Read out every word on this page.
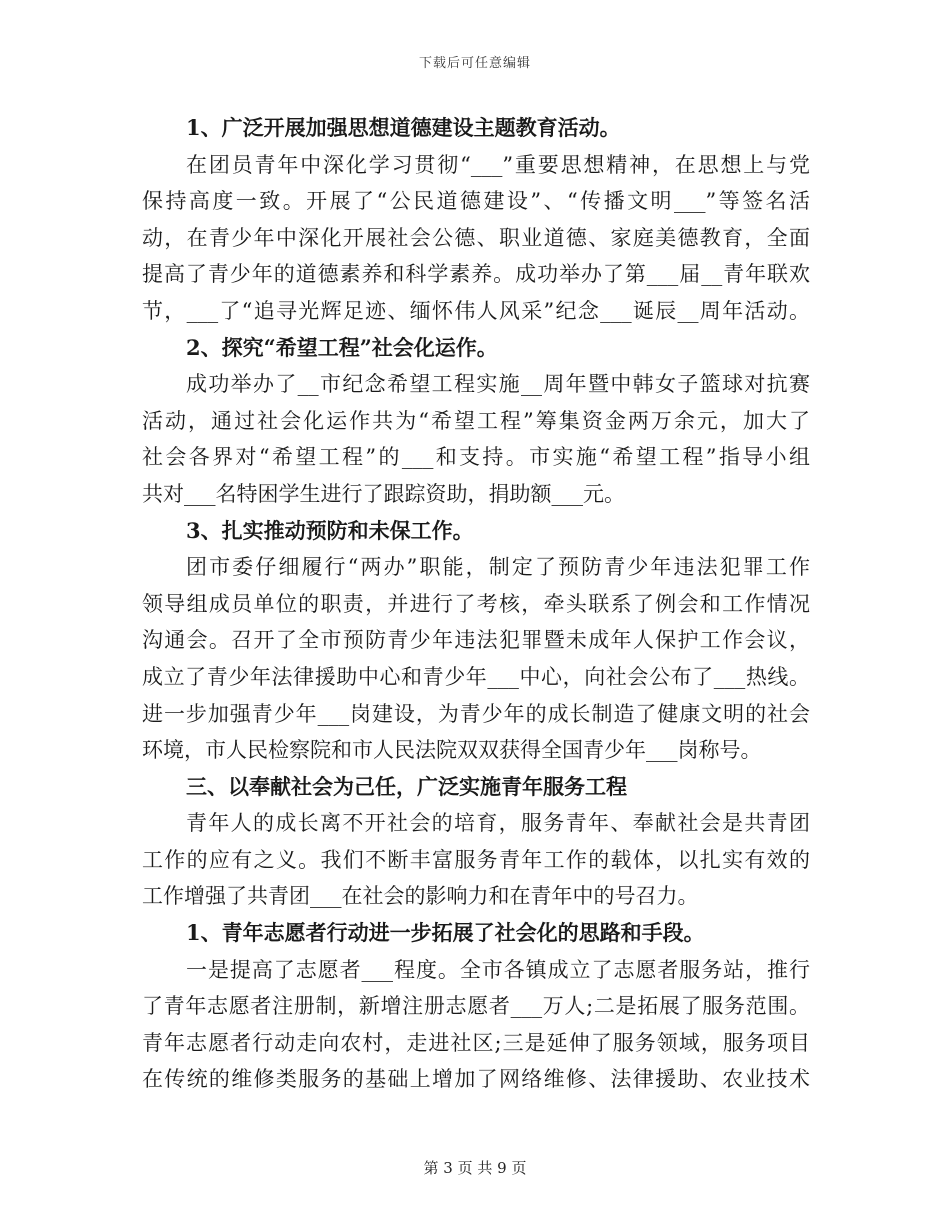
下载后可任意编辑
1、广泛开展加强思想道德建设主题教育活动。
在团员青年中深化学习贯彻“___”重要思想精神，在思想上与党
保持高度一致。开展了“公民道德建设”、“传播文明___”等签名活
动，在青少年中深化开展社会公德、职业道德、家庭美德教育，全面
提高了青少年的道德素养和科学素养。成功举办了第___届__青年联欢
节，___了“追寻光辉足迹、缅怀伟人风采”纪念___诞辰__周年活动。
2、探究“希望工程”社会化运作。
成功举办了__市纪念希望工程实施__周年暨中韩女子篮球对抗赛
活动，通过社会化运作共为“希望工程”筹集资金两万余元，加大了
社会各界对“希望工程”的___和支持。市实施“希望工程”指导小组
共对___名特困学生进行了跟踪资助，捐助额___元。
3、扎实推动预防和未保工作。
团市委仔细履行“两办”职能，制定了预防青少年违法犯罪工作
领导组成员单位的职责，并进行了考核，牵头联系了例会和工作情况
沟通会。召开了全市预防青少年违法犯罪暨未成年人保护工作会议，
成立了青少年法律援助中心和青少年___中心，向社会公布了___热线。
进一步加强青少年___岗建设，为青少年的成长制造了健康文明的社会
环境，市人民检察院和市人民法院双双获得全国青少年___岗称号。
三、以奉献社会为己任，广泛实施青年服务工程
青年人的成长离不开社会的培育，服务青年、奉献社会是共青团
工作的应有之义。我们不断丰富服务青年工作的载体，以扎实有效的
工作增强了共青团___在社会的影响力和在青年中的号召力。
1、青年志愿者行动进一步拓展了社会化的思路和手段。
一是提高了志愿者___程度。全市各镇成立了志愿者服务站，推行
了青年志愿者注册制，新增注册志愿者___万人;二是拓展了服务范围。
青年志愿者行动走向农村，走进社区;三是延伸了服务领域，服务项目
在传统的维修类服务的基础上增加了网络维修、法律援助、农业技术
第 3 页 共 9 页
